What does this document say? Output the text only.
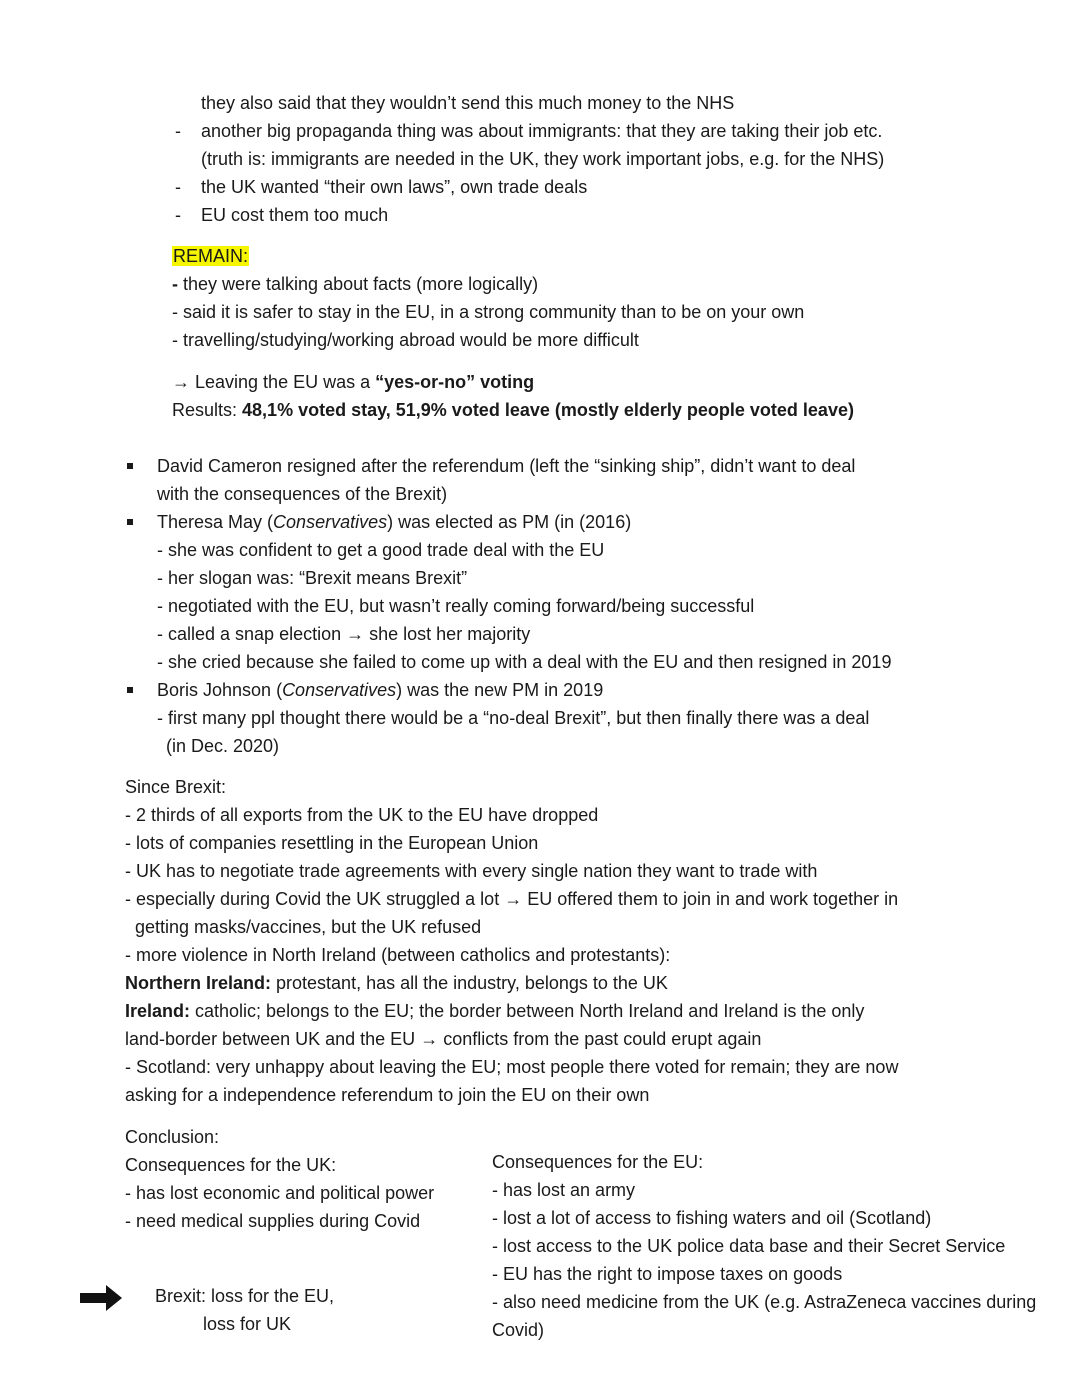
they also said that they wouldn’t send this much money to the NHS
- another big propaganda thing was about immigrants: that they are taking their job etc.
(truth is: immigrants are needed in the UK, they work important jobs, e.g. for the NHS)
- the UK wanted “their own laws”, own trade deals
- EU cost them too much
REMAIN:
- they were talking about facts (more logically)
- said it is safer to stay in the EU, in a strong community than to be on your own
- travelling/studying/working abroad would be more difficult
→ Leaving the EU was a “yes-or-no” voting
Results: 48,1% voted stay, 51,9% voted leave (mostly elderly people voted leave)
David Cameron resigned after the referendum (left the “sinking ship”, didn’t want to deal
with the consequences of the Brexit)
Theresa May (Conservatives) was elected as PM (in (2016)
- she was confident to get a good trade deal with the EU
- her slogan was: “Brexit means Brexit”
- negotiated with the EU, but wasn’t really coming forward/being successful
- called a snap election → she lost her majority
- she cried because she failed to come up with a deal with the EU and then resigned in 2019
Boris Johnson (Conservatives) was the new PM in 2019
- first many ppl thought there would be a “no-deal Brexit”, but then finally there was a deal
(in Dec. 2020)
Since Brexit:
- 2 thirds of all exports from the UK to the EU have dropped
- lots of companies resettling in the European Union
- UK has to negotiate trade agreements with every single nation they want to trade with
- especially during Covid the UK struggled a lot → EU offered them to join in and work together in
getting masks/vaccines, but the UK refused
- more violence in North Ireland (between catholics and protestants):
Northern Ireland: protestant, has all the industry, belongs to the UK
Ireland: catholic; belongs to the EU; the border between North Ireland and Ireland is the only
land-border between UK and the EU → conflicts from the past could erupt again
- Scotland: very unhappy about leaving the EU; most people there voted for remain; they are now
asking for a independence referendum to join the EU on their own
Conclusion:
Consequences for the UK:
- has lost economic and political power
- need medical supplies during Covid
Consequences for the EU:
- has lost an army
- lost a lot of access to fishing waters and oil (Scotland)
- lost access to the UK police data base and their Secret Service
- EU has the right to impose taxes on goods
- also need medicine from the UK (e.g. AstraZeneca vaccines during
Covid)
Brexit: loss for the EU,
loss for UK
